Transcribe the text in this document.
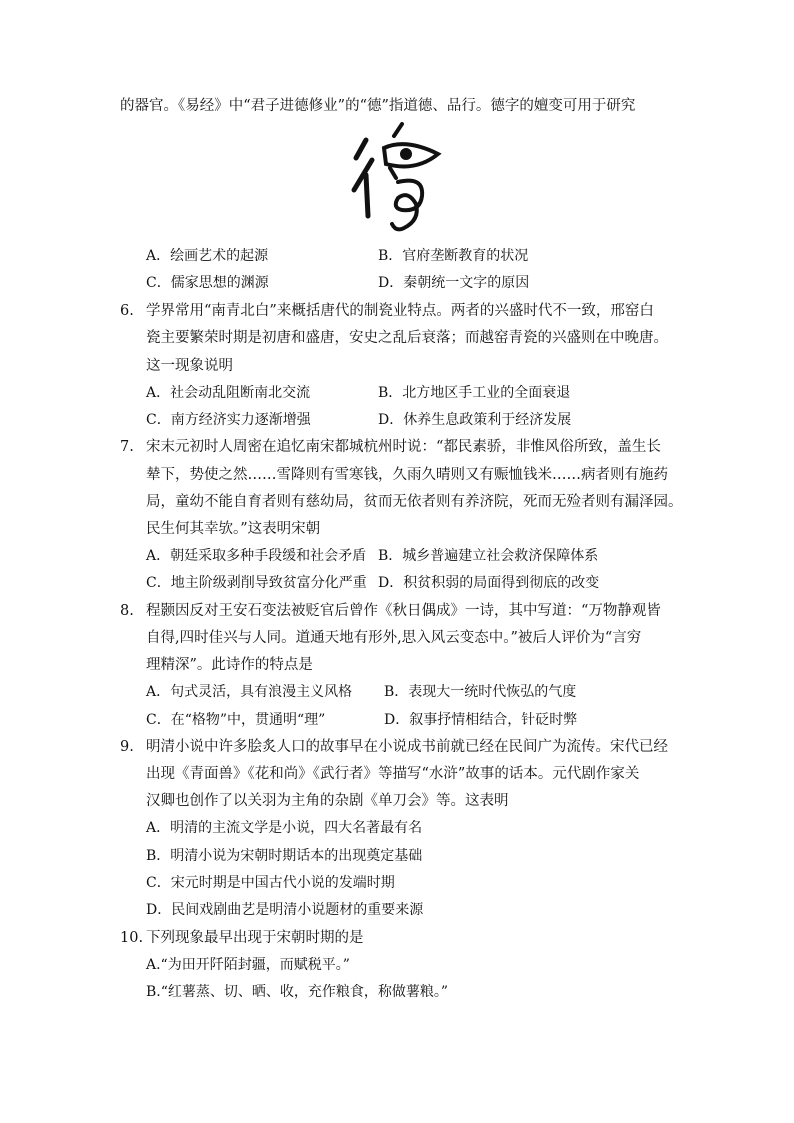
的器官。《易经》中“君子进德修业”的“德”指道德、品行。德字的嬗变可用于研究
A．绘画艺术的起源	B．官府垄断教育的状况
C．儒家思想的渊源	D．秦朝统一文字的原因
6. 学界常用“南青北白”来概括唐代的制瓷业特点。两者的兴盛时代不一致，邢窑白
瓷主要繁荣时期是初唐和盛唐，安史之乱后衰落；而越窑青瓷的兴盛则在中晚唐。
这一现象说明
A．社会动乱阻断南北交流	B．北方地区手工业的全面衰退
C．南方经济实力逐渐增强	D．休养生息政策利于经济发展
7. 宋末元初时人周密在追忆南宋都城杭州时说：“都民素骄，非惟风俗所致，盖生长
辇下，势使之然……雪降则有雪寒钱，久雨久晴则又有赈恤钱米……病者则有施药
局，童幼不能自育者则有慈幼局，贫而无依者则有养济院，死而无殓者则有漏泽园。
民生何其幸欤。”这表明宋朝
A．朝廷采取多种手段缓和社会矛盾 B．城乡普遍建立社会救济保障体系
C．地主阶级剥削导致贫富分化严重 D．积贫积弱的局面得到彻底的改变
8. 程颢因反对王安石变法被贬官后曾作《秋日偶成》一诗，其中写道：“万物静观皆
自得,四时佳兴与人同。道通天地有形外,思入风云变态中。”被后人评价为“言穷
理精深”。此诗作的特点是
A．句式灵活，具有浪漫主义风格 B．表现大一统时代恢弘的气度
C．在“格物”中，贯通明“理”	D．叙事抒情相结合，针砭时弊
9. 明清小说中许多脍炙人口的故事早在小说成书前就已经在民间广为流传。宋代已经
出现《青面兽》《花和尚》《武行者》等描写“水浒”故事的话本。元代剧作家关
汉卿也创作了以关羽为主角的杂剧《单刀会》等。这表明
A．明清的主流文学是小说，四大名著最有名
B．明清小说为宋朝时期话本的出现奠定基础
C．宋元时期是中国古代小说的发端时期
D．民间戏剧曲艺是明清小说题材的重要来源
10. 下列现象最早出现于宋朝时期的是
A.“为田开阡陌封疆，而赋税平。”
B.“红薯蒸、切、晒、收，充作粮食，称做薯粮。”
